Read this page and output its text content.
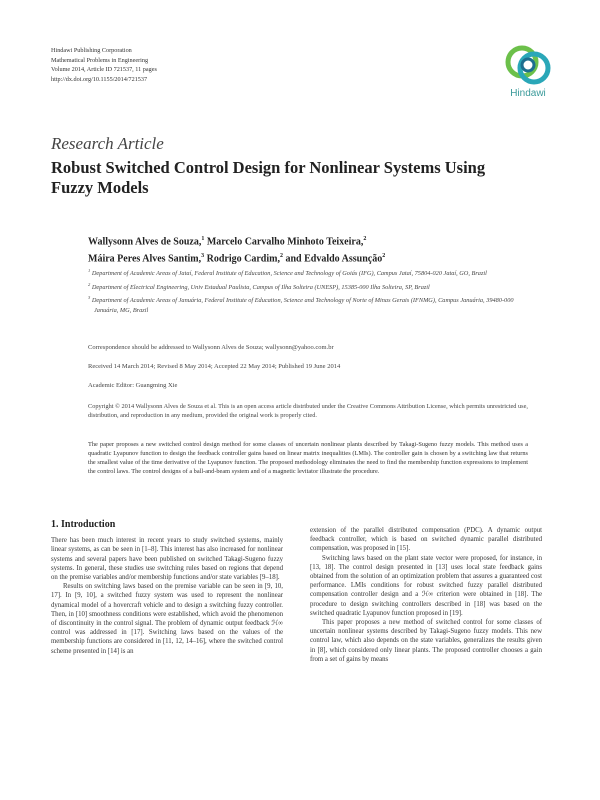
Hindawi Publishing Corporation
Mathematical Problems in Engineering
Volume 2014, Article ID 721537, 11 pages
http://dx.doi.org/10.1155/2014/721537
Hindawi
Research Article
Robust Switched Control Design for Nonlinear Systems Using Fuzzy Models
Wallysonn Alves de Souza,$^1$ Marcelo Carvalho Minhoto Teixeira,$^2$
Máira Peres Alves Santim,$^3$ Rodrigo Cardim,$^2$ and Edvaldo Assunção$^2$
$^1$ Department of Academic Areas of Jataí, Federal Institute of Education, Science and Technology of Goiás (IFG), Campus Jataí, 75804-020 Jataí, GO, Brazil
$^2$ Department of Electrical Engineering, Univ Estadual Paulista, Campus of Ilha Solteira (UNESP), 15385-000 Ilha Solteira, SP, Brazil
$^3$ Department of Academic Areas of Januária, Federal Institute of Education, Science and Technology of Norte of Minas Gerais (IFNMG), Campus Januária, 39480-000 Januária, MG, Brazil
Correspondence should be addressed to Wallysonn Alves de Souza; wallysonn@yahoo.com.br
Received 14 March 2014; Revised 8 May 2014; Accepted 22 May 2014; Published 19 June 2014
Academic Editor: Guangming Xie
Copyright © 2014 Wallysonn Alves de Souza et al. This is an open access article distributed under the Creative Commons Attribution License, which permits unrestricted use, distribution, and reproduction in any medium, provided the original work is properly cited.
The paper proposes a new switched control design method for some classes of uncertain nonlinear plants described by Takagi-Sugeno fuzzy models. This method uses a quadratic Lyapunov function to design the feedback controller gains based on linear matrix inequalities (LMIs). The controller gain is chosen by a switching law that returns the smallest value of the time derivative of the Lyapunov function. The proposed methodology eliminates the need to find the membership function expressions to implement the control laws. The control designs of a ball-and-beam system and of a magnetic levitator illustrate the procedure.
1. Introduction

There has been much interest in recent years to study switched systems, mainly linear systems, as can be seen in [1–8]. This interest has also increased for nonlinear systems and several papers have been published on switched Takagi-Sugeno fuzzy systems. In general, these studies use switching rules based on regions that depend on the premise variables and/or membership functions and/or state variables [9–18].

Results on switching laws based on the premise variable can be seen in [9, 10, 17]. In [9, 10], a switched fuzzy system was used to represent the nonlinear dynamical model of a hovercraft vehicle and to design a switching fuzzy controller. Then, in [10] smoothness conditions were established, which avoid the phenomenon of discontinuity in the control signal. The problem of dynamic output feedback ℋ∞ control was addressed in [17]. Switching laws based on the values of the membership functions are considered in [11, 12, 14–16], where the switched control scheme presented in [14] is an

extension of the parallel distributed compensation (PDC). A dynamic output feedback controller, which is based on switched dynamic parallel distributed compensation, was proposed in [15].

Switching laws based on the plant state vector were proposed, for instance, in [13, 18]. The control design presented in [13] uses local state feedback gains obtained from the solution of an optimization problem that assures a guaranteed cost performance. LMIs conditions for robust switched fuzzy parallel distributed compensation controller design and a ℋ∞ criterion were obtained in [18]. The procedure to design switching controllers described in [18] was based on the switched quadratic Lyapunov function proposed in [19].

This paper proposes a new method of switched control for some classes of uncertain nonlinear systems described by Takagi-Sugeno fuzzy models. This new control law, which also depends on the state variables, generalizes the results given in [8], which considered only linear plants. The proposed controller chooses a gain from a set of gains by means
